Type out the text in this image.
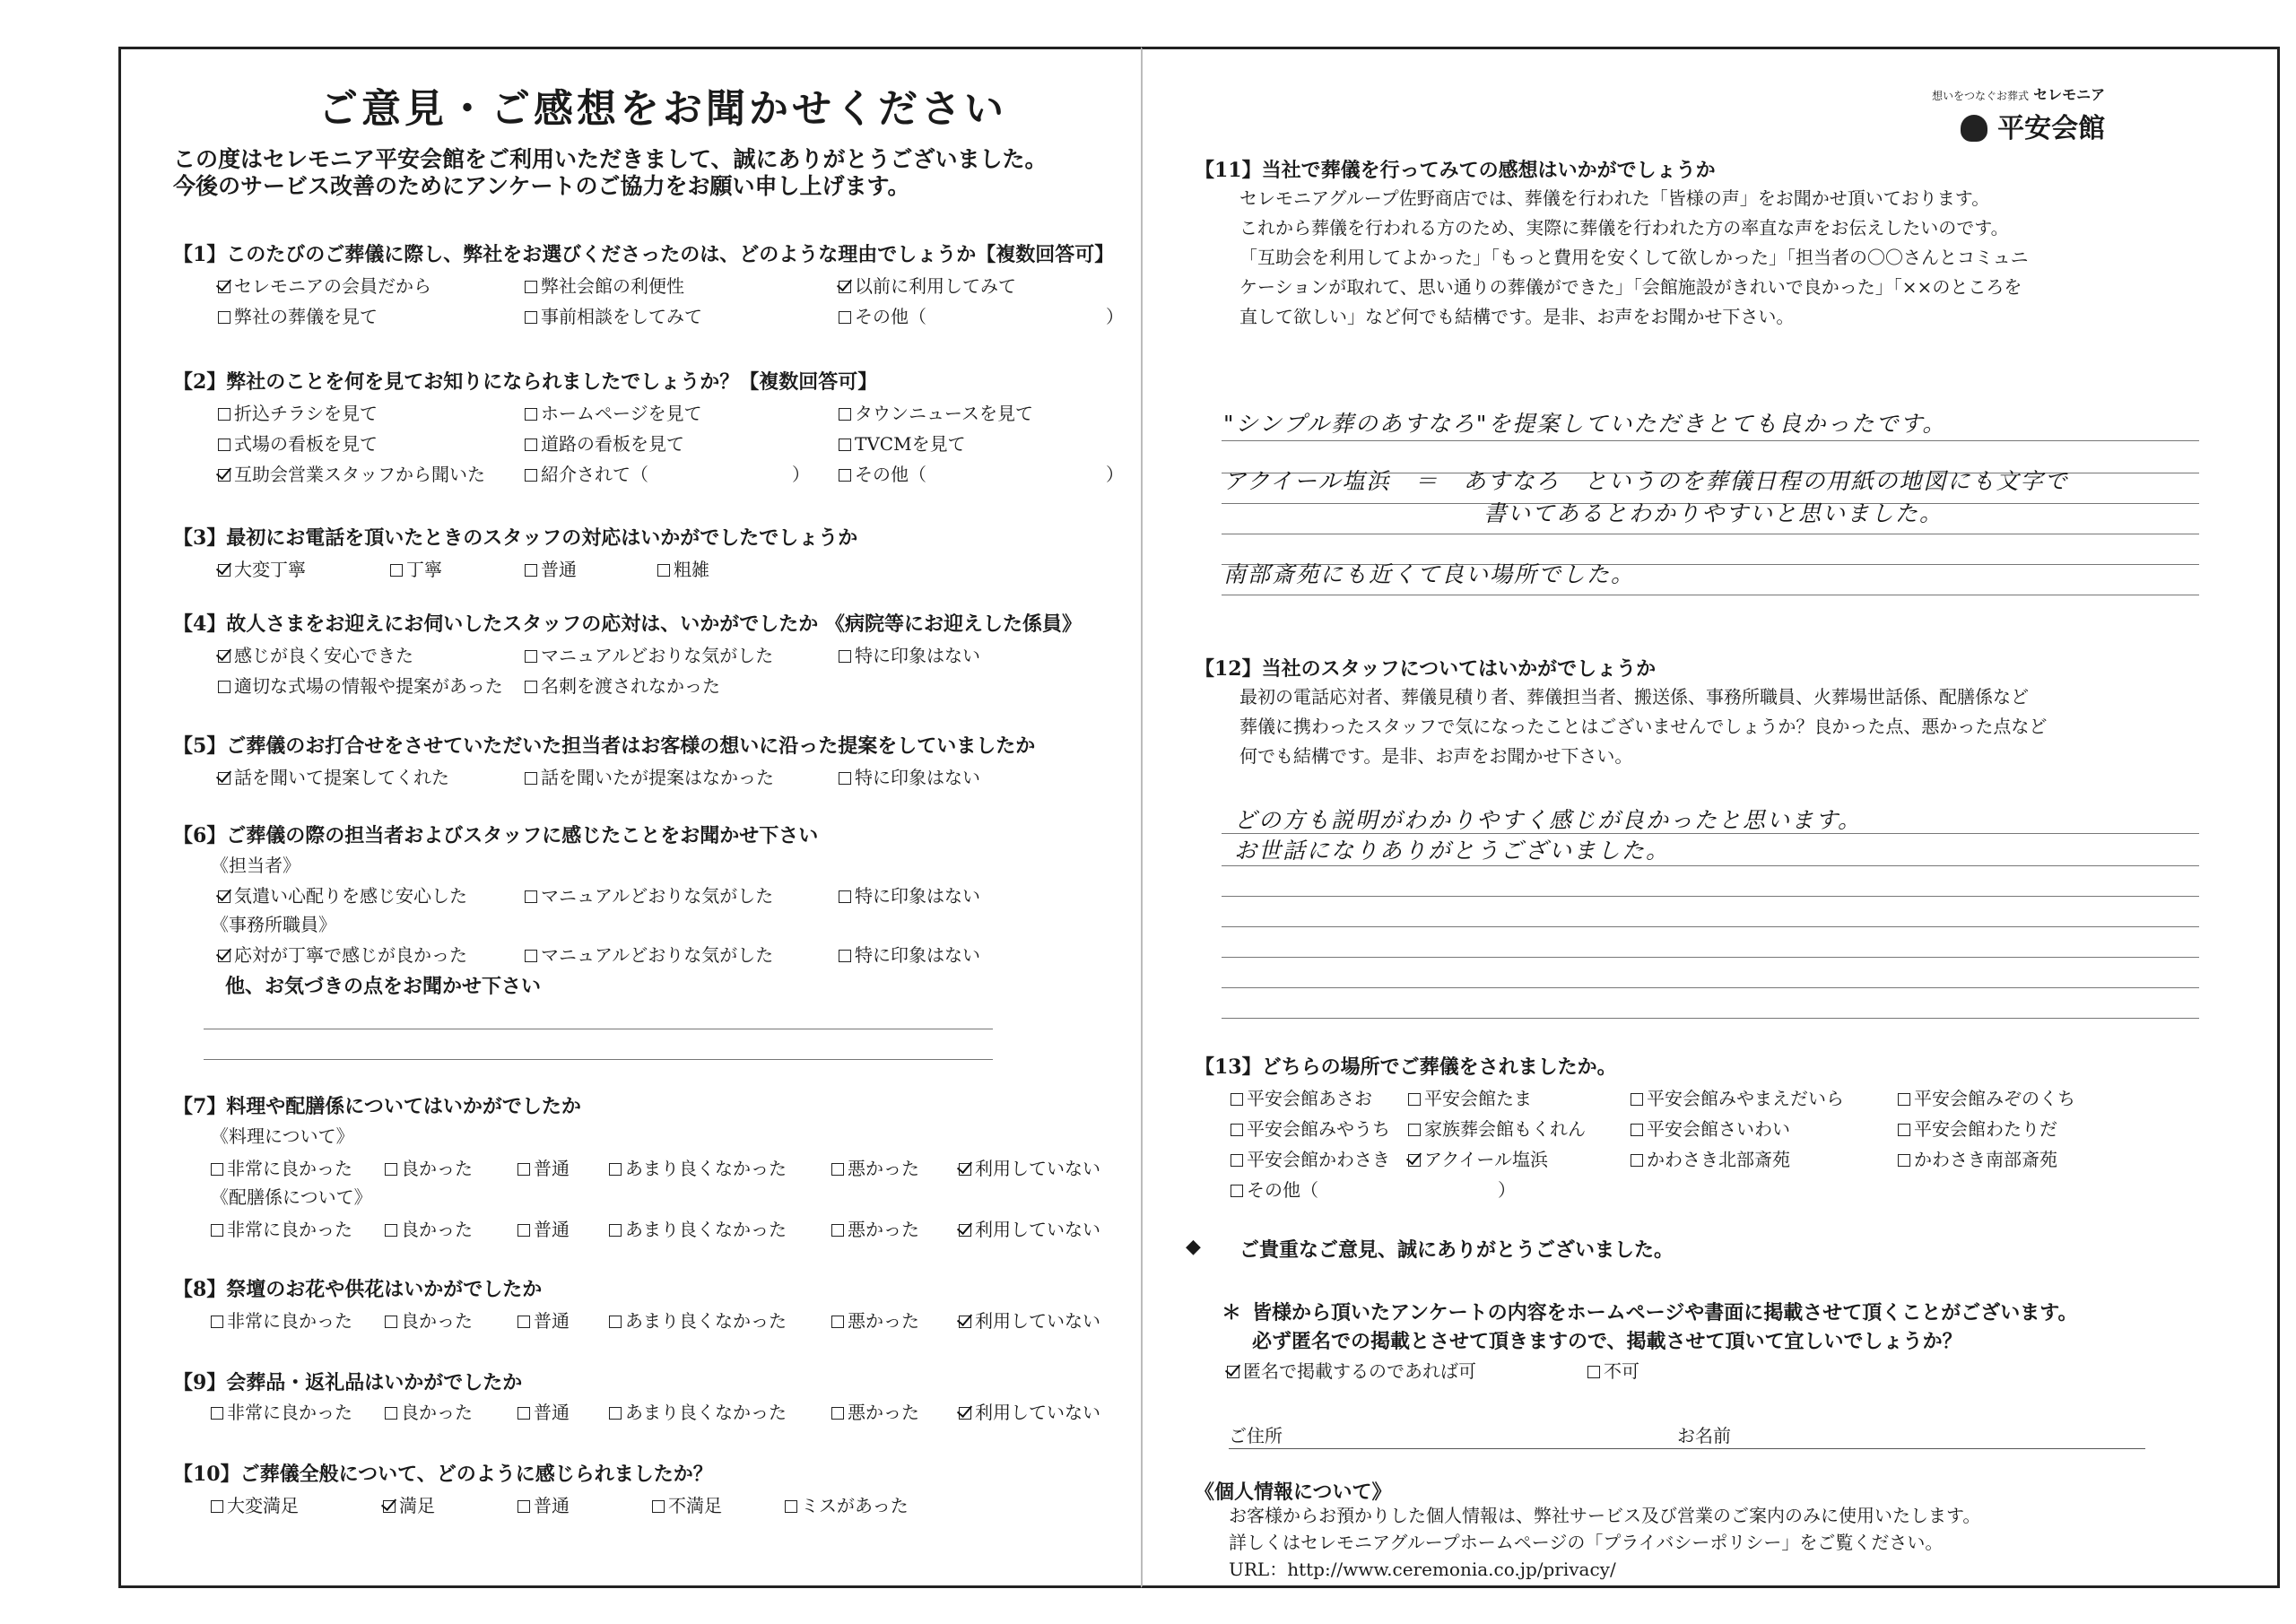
ご意見・ご感想をお聞かせください
この度はセレモニア平安会館をご利用いただきまして、誠にありがとうございました。
今後のサービス改善のためにアンケートのご協力をお願い申し上げます。
【1】このたびのご葬儀に際し、弊社をお選びくださったのは、どのような理由でしょうか【複数回答可】
セレモニアの会員だから	弊社会館の利便性	以前に利用してみて
弊社の葬儀を見て	事前相談をしてみて	その他（　　　　　　　　　　）
【2】弊社のことを何を見てお知りになられましたでしょうか？【複数回答可】
折込チラシを見て	ホームページを見て	タウンニュースを見て
式場の看板を見て	道路の看板を見て	TVCMを見て
互助会営業スタッフから聞いた	紹介されて（　　　　　　　　）	その他（　　　　　　　　　　）
【3】最初にお電話を頂いたときのスタッフの対応はいかがでしたでしょうか
大変丁寧	丁寧	普通	粗雑
【4】故人さまをお迎えにお伺いしたスタッフの応対は、いかがでしたか 《病院等にお迎えした係員》
感じが良く安心できた	マニュアルどおりな気がした	特に印象はない
適切な式場の情報や提案があった	名刺を渡されなかった
【5】ご葬儀のお打合せをさせていただいた担当者はお客様の想いに沿った提案をしていましたか
話を聞いて提案してくれた	話を聞いたが提案はなかった	特に印象はない
【6】ご葬儀の際の担当者およびスタッフに感じたことをお聞かせ下さい
《担当者》
気遣い心配りを感じ安心した	マニュアルどおりな気がした	特に印象はない
《事務所職員》
応対が丁寧で感じが良かった	マニュアルどおりな気がした	特に印象はない
他、お気づきの点をお聞かせ下さい
【7】料理や配膳係についてはいかがでしたか
《料理について》
非常に良かった	良かった	普通	あまり良くなかった	悪かった	利用していない
《配膳係について》
非常に良かった	良かった	普通	あまり良くなかった	悪かった	利用していない
【8】祭壇のお花や供花はいかがでしたか
非常に良かった	良かった	普通	あまり良くなかった	悪かった	利用していない
【9】会葬品・返礼品はいかがでしたか
非常に良かった	良かった	普通	あまり良くなかった	悪かった	利用していない
【10】ご葬儀全般について、どのように感じられましたか？
大変満足	満足	普通	不満足	ミスがあった
想いをつなぐお葬式 セレモニア
平安会館
【11】当社で葬儀を行ってみての感想はいかがでしょうか
セレモニアグループ佐野商店では、葬儀を行われた「皆様の声」をお聞かせ頂いております。
これから葬儀を行われる方のため、実際に葬儀を行われた方の率直な声をお伝えしたいのです。
「互助会を利用してよかった」「もっと費用を安くして欲しかった」「担当者の〇〇さんとコミュニ
ケーションが取れて、思い通りの葬儀ができた」「会館施設がきれいで良かった」「××のところを
直して欲しい」など何でも結構です。是非、お声をお聞かせ下さい。
"シンプル葬のあすなろ"を提案していただきとても良かったです。
アクイール塩浜　＝　あすなろ　というのを葬儀日程の用紙の地図にも文字で
書いてあるとわかりやすいと思いました。
南部斎苑にも近くて良い場所でした。
【12】当社のスタッフについてはいかがでしょうか
最初の電話応対者、葬儀見積り者、葬儀担当者、搬送係、事務所職員、火葬場世話係、配膳係など
葬儀に携わったスタッフで気になったことはございませんでしょうか？良かった点、悪かった点など
何でも結構です。是非、お声をお聞かせ下さい。
どの方も説明がわかりやすく感じが良かったと思います。
お世話になりありがとうございました。
【13】どちらの場所でご葬儀をされましたか。
平安会館あさお	平安会館たま	平安会館みやまえだいら	平安会館みぞのくち
平安会館みやうち	家族葬会館もくれん	平安会館さいわい	平安会館わたりだ
平安会館かわさき	アクイール塩浜	かわさき北部斎苑	かわさき南部斎苑
その他（　　　　　　　　　　）
◆ ご貴重なご意見、誠にありがとうございました。
＊ 皆様から頂いたアンケートの内容をホームページや書面に掲載させて頂くことがございます。
必ず匿名での掲載とさせて頂きますので、掲載させて頂いて宜しいでしょうか？
匿名で掲載するのであれば可	不可
ご住所	お名前
《個人情報について》
お客様からお預かりした個人情報は、弊社サービス及び営業のご案内のみに使用いたします。
詳しくはセレモニアグループホームページの「プライバシーポリシー」をご覧ください。
URL：http://www.ceremonia.co.jp/privacy/
